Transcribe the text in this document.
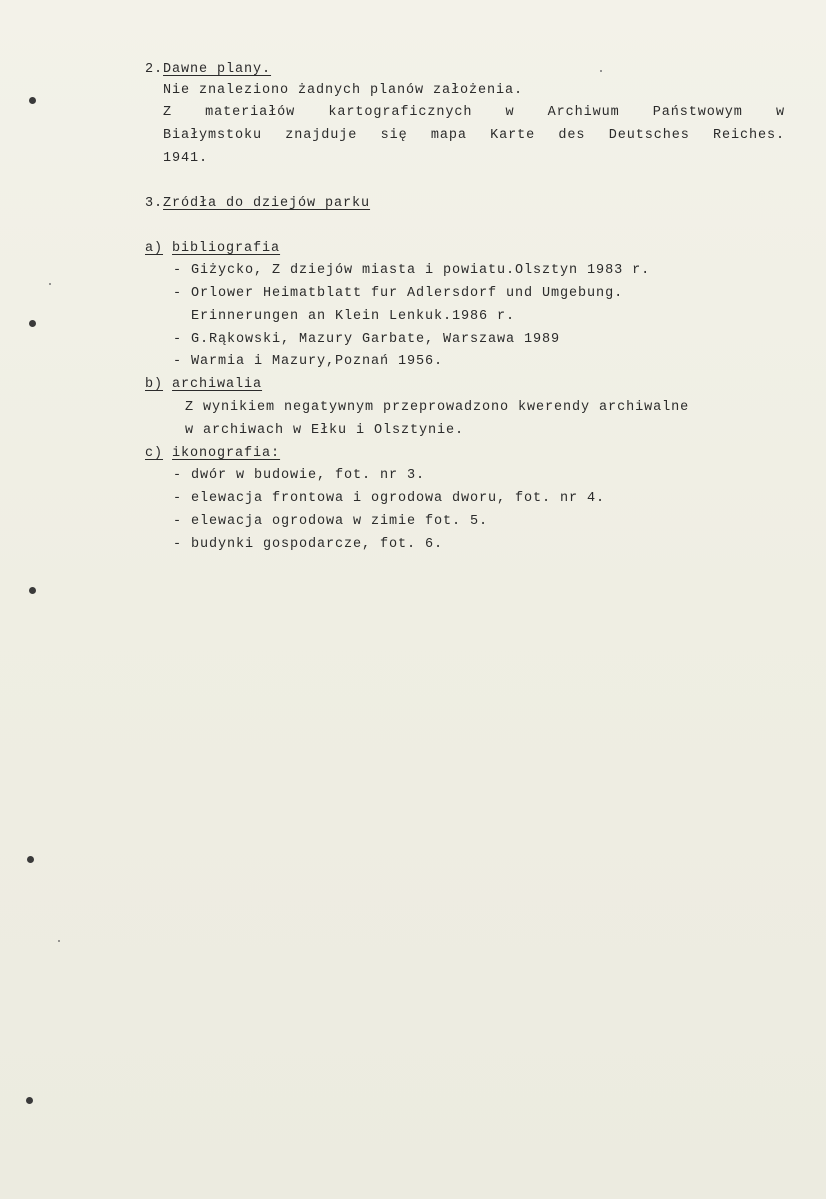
2.Dawne plany.
Nie znaleziono żadnych planów założenia.
Z materiałów kartograficznych w Archiwum Państwowym w
Białymstoku znajduje się mapa Karte des Deutsches Reiches.
1941.
3.Zródła do dziejów parku
a) bibliografia
- Giżycko, Z dziejów miasta i powiatu.Olsztyn 1983 r.
- Orlower Heimatblatt fur Adlersdorf und Umgebung.
Erinnerungen an Klein Lenkuk.1986 r.
- G.Rąkowski, Mazury Garbate, Warszawa 1989
- Warmia i Mazury,Poznań 1956.
b) archiwalia
Z wynikiem negatywnym przeprowadzono kwerendy archiwalne
w archiwach w Ełku i Olsztynie.
c) ikonografia:
- dwór w budowie, fot. nr 3.
- elewacja frontowa i ogrodowa dworu, fot. nr 4.
- elewacja ogrodowa w zimie fot. 5.
- budynki gospodarcze, fot. 6.
